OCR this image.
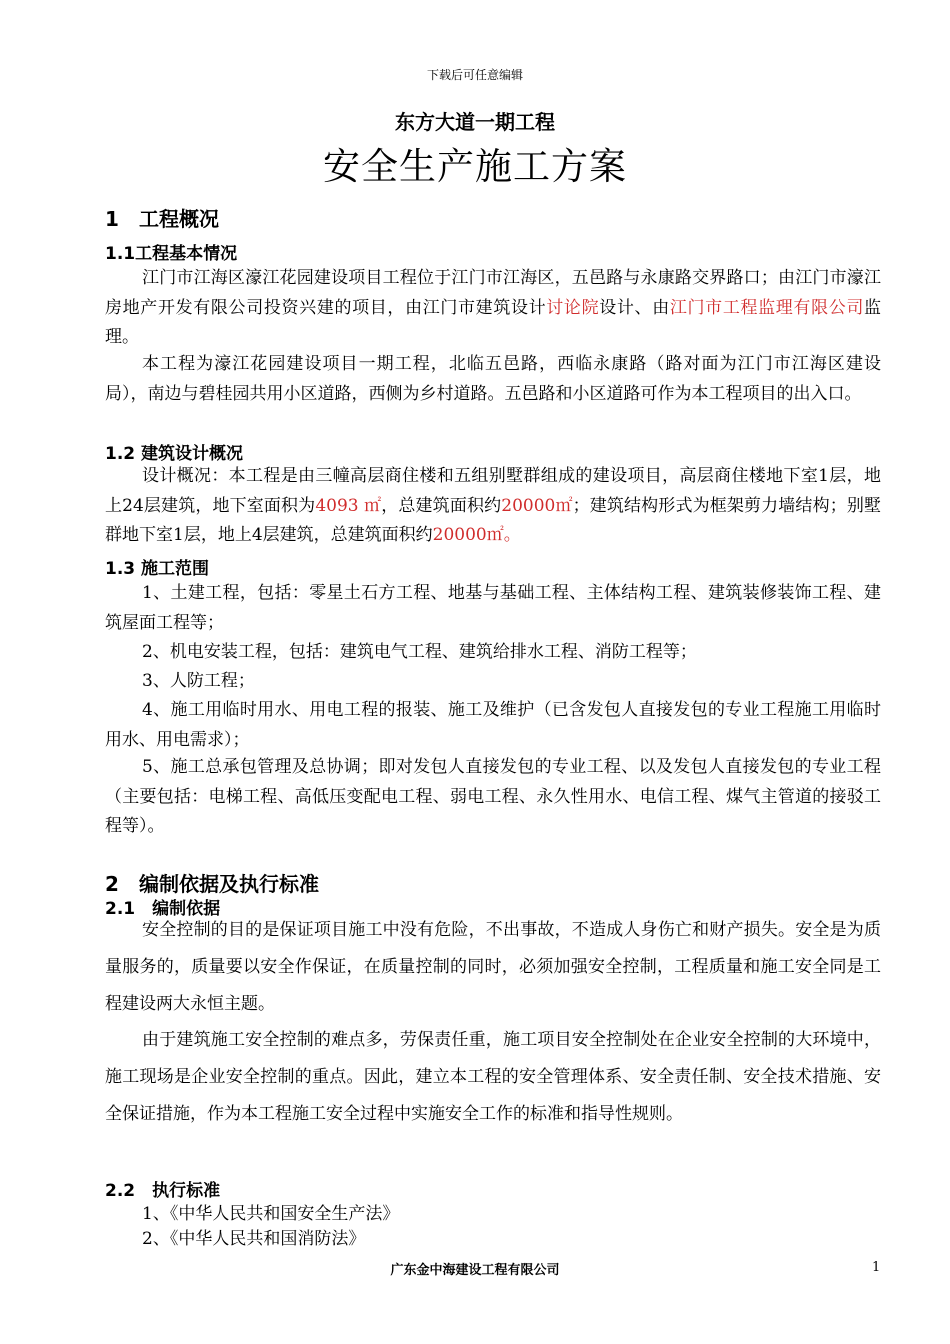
下载后可任意编辑
东方大道一期工程
安全生产施工方案
1 工程概况
1.1工程基本情况
江门市江海区濠江花园建设项目工程位于江门市江海区，五邑路与永康路交界路口；由江门市濠江房地产开发有限公司投资兴建的项目，由江门市建筑设计讨论院设计、由江门市工程监理有限公司监理。
本工程为濠江花园建设项目一期工程，北临五邑路，西临永康路（路对面为江门市江海区建设局），南边与碧桂园共用小区道路，西侧为乡村道路。五邑路和小区道路可作为本工程项目的出入口。
1.2 建筑设计概况
设计概况：本工程是由三幢高层商住楼和五组别墅群组成的建设项目，高层商住楼地下室1层，地上24层建筑，地下室面积为4093 ㎡，总建筑面积约20000㎡；建筑结构形式为框架剪力墙结构；别墅群地下室1层，地上4层建筑，总建筑面积约20000㎡。
1.3 施工范围
1、土建工程，包括：零星土石方工程、地基与基础工程、主体结构工程、建筑装修装饰工程、建筑屋面工程等；
2、机电安装工程，包括：建筑电气工程、建筑给排水工程、消防工程等；
3、人防工程；
4、施工用临时用水、用电工程的报装、施工及维护（已含发包人直接发包的专业工程施工用临时用水、用电需求）；
5、施工总承包管理及总协调；即对发包人直接发包的专业工程、以及发包人直接发包的专业工程（主要包括：电梯工程、高低压变配电工程、弱电工程、永久性用水、电信工程、煤气主管道的接驳工程等）。
2 编制依据及执行标准
2.1　编制依据
安全控制的目的是保证项目施工中没有危险，不出事故，不造成人身伤亡和财产损失。安全是为质量服务的，质量要以安全作保证，在质量控制的同时，必须加强安全控制，工程质量和施工安全同是工程建设两大永恒主题。
由于建筑施工安全控制的难点多，劳保责任重，施工项目安全控制处在企业安全控制的大环境中，施工现场是企业安全控制的重点。因此，建立本工程的安全管理体系、安全责任制、安全技术措施、安全保证措施，作为本工程施工安全过程中实施安全工作的标准和指导性规则。
2.2　执行标准
1、《中华人民共和国安全生产法》
2、《中华人民共和国消防法》
广东金中海建设工程有限公司	1
